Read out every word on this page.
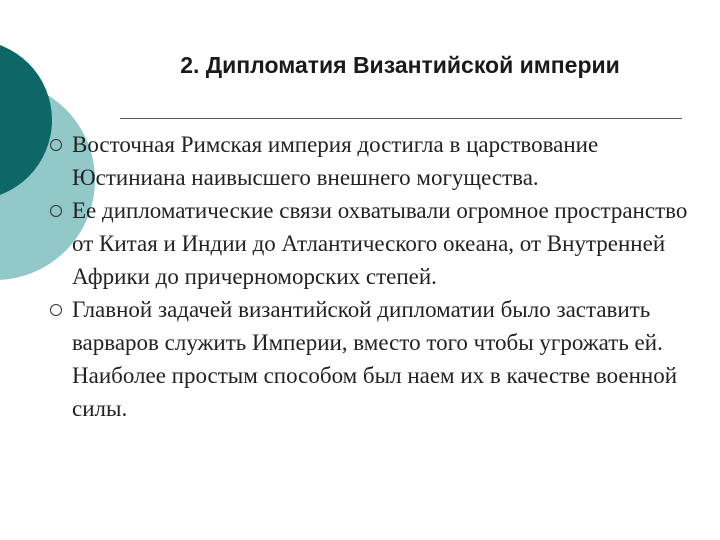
2. Дипломатия Византийской империи
Восточная Римская империя достигла в царствование Юстиниана наивысшего внешнего могущества.
Ее дипломатические связи охватывали огромное пространство от Китая и Индии до Атлантического океана, от Внутренней Африки до причерноморских степей.
Главной задачей византийской дипломатии было заставить варваров служить Империи, вместо того чтобы угрожать ей. Наиболее простым способом был наем их в качестве военной силы.
